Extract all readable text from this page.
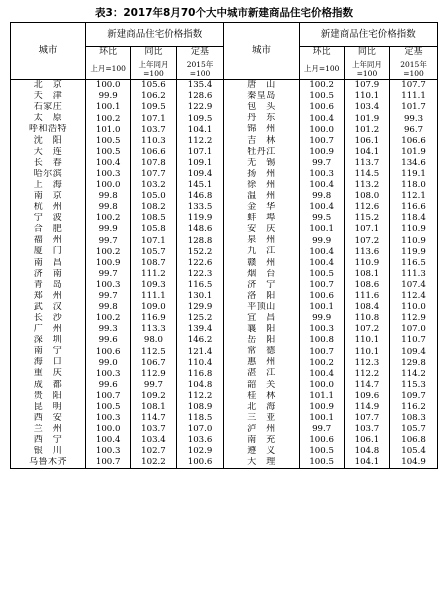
表3：2017年8月70个大中城市新建商品住宅价格指数
城市	新建商品住宅价格指数			城市	新建商品住宅价格指数		
	环比	同比	定基		环比	同比	定基
	上月=100	上年同月=100	2015年=100		上月=100	上年同月=100	2015年=100
北　京	100.0	105.6	135.4	唐　山	100.2	107.9	107.7
天　津	99.9	106.2	128.6	秦皇岛	100.5	110.1	111.1
石家庄	100.1	109.5	122.9	包　头	100.6	103.4	101.7
太　原	100.2	107.1	109.5	丹　东	100.4	101.9	99.3
呼和浩特	101.0	103.7	104.1	锦　州	100.0	101.2	96.7
沈　阳	100.5	110.3	112.2	吉　林	100.7	106.1	106.6
大　连	100.5	106.6	107.1	牡丹江	100.9	104.1	101.9
长　春	100.4	107.8	109.1	无　锡	99.7	113.7	134.6
哈尔滨	100.3	107.7	109.4	扬　州	100.3	114.5	119.1
上　海	100.0	103.2	145.1	徐　州	100.4	113.2	118.0
南　京	99.8	105.0	146.8	温　州	99.8	108.0	112.1
杭　州	99.8	108.2	133.5	金　华	100.4	112.6	116.6
宁　波	100.2	108.5	119.9	蚌　埠	99.5	115.2	118.4
合　肥	99.9	105.8	148.6	安　庆	100.1	107.1	110.9
福　州	99.7	107.1	128.8	泉　州	99.9	107.2	110.9
厦　门	100.2	105.7	152.2	九　江	100.4	113.6	119.9
南　昌	100.9	108.7	122.6	赣　州	100.4	110.9	116.5
济　南	99.7	111.2	122.3	烟　台	100.5	108.1	111.3
青　岛	100.3	109.3	116.5	济　宁	100.7	108.6	107.4
郑　州	99.7	111.1	130.1	洛　阳	100.6	111.6	112.4
武　汉	99.8	109.0	129.9	平顶山	100.1	108.4	110.0
长　沙	100.2	116.9	125.2	宜　昌	99.9	110.8	112.9
广　州	99.3	113.3	139.4	襄　阳	100.3	107.2	107.0
深　圳	99.6	98.0	146.2	岳　阳	100.8	110.1	110.7
南　宁	100.6	112.5	121.4	常　德	100.7	110.1	109.4
海　口	99.0	106.7	110.4	惠　州	100.2	112.3	129.8
重　庆	100.3	112.9	116.8	湛　江	100.4	112.2	114.2
成　都	99.6	99.7	104.8	韶　关	100.0	114.7	115.3
贵　阳	100.7	109.2	112.2	桂　林	101.1	109.6	109.7
昆　明	100.5	108.1	108.9	北　海	100.9	114.9	116.2
西　安	100.3	114.7	118.5	三　亚	100.1	107.7	108.3
兰　州	100.0	103.7	107.0	泸　州	99.7	103.7	105.7
西　宁	100.4	103.4	103.6	南　充	100.6	106.1	106.8
银　川	100.3	102.7	102.9	遵　义	100.5	104.8	105.4
乌鲁木齐	100.7	102.2	100.6	大　理	100.5	104.1	104.9
